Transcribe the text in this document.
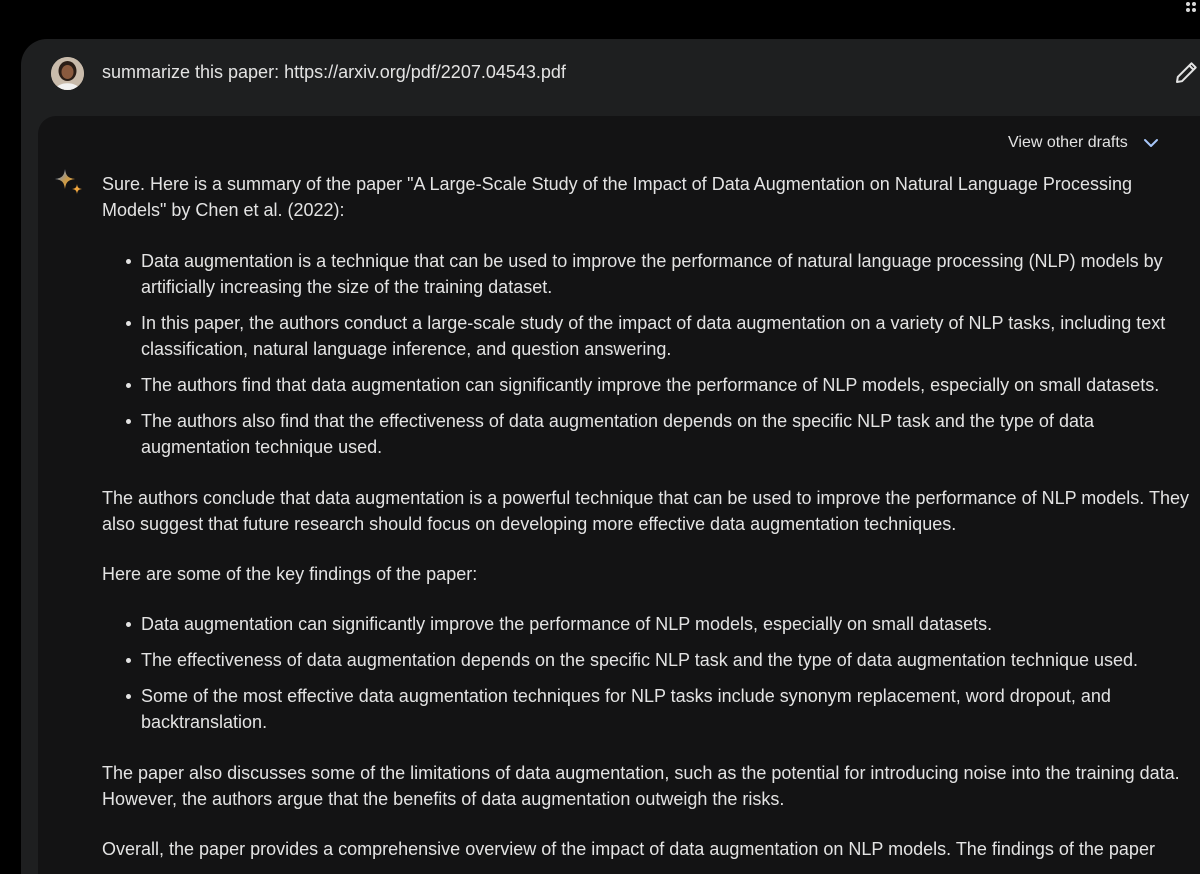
summarize this paper: https://arxiv.org/pdf/2207.04543.pdf
View other drafts

Sure. Here is a summary of the paper "A Large-Scale Study of the Impact of Data Augmentation on Natural Language Processing Models" by Chen et al. (2022):

Data augmentation is a technique that can be used to improve the performance of natural language processing (NLP) models by artificially increasing the size of the training dataset.
In this paper, the authors conduct a large-scale study of the impact of data augmentation on a variety of NLP tasks, including text classification, natural language inference, and question answering.
The authors find that data augmentation can significantly improve the performance of NLP models, especially on small datasets.
The authors also find that the effectiveness of data augmentation depends on the specific NLP task and the type of data augmentation technique used.

The authors conclude that data augmentation is a powerful technique that can be used to improve the performance of NLP models. They also suggest that future research should focus on developing more effective data augmentation techniques.

Here are some of the key findings of the paper:

Data augmentation can significantly improve the performance of NLP models, especially on small datasets.
The effectiveness of data augmentation depends on the specific NLP task and the type of data augmentation technique used.
Some of the most effective data augmentation techniques for NLP tasks include synonym replacement, word dropout, and backtranslation.

The paper also discusses some of the limitations of data augmentation, such as the potential for introducing noise into the training data. However, the authors argue that the benefits of data augmentation outweigh the risks.

Overall, the paper provides a comprehensive overview of the impact of data augmentation on NLP models. The findings of the paper
